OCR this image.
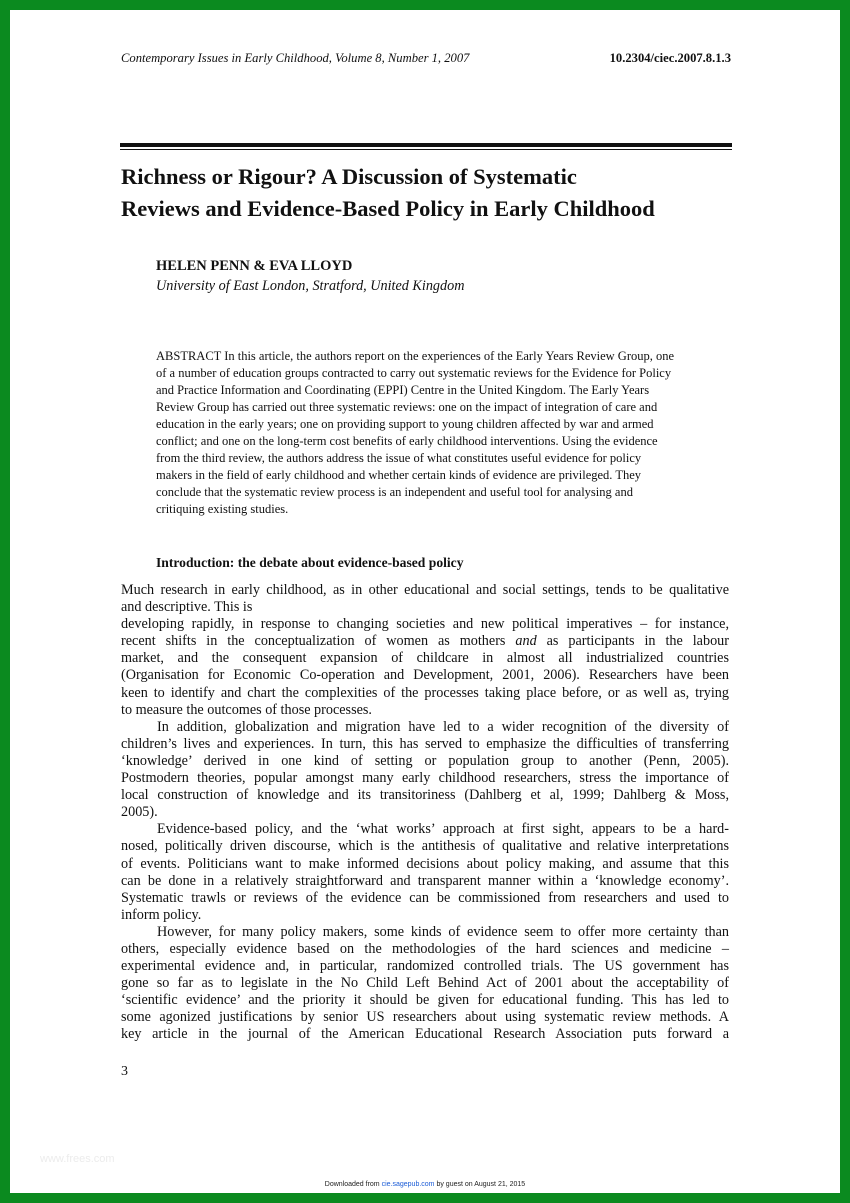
Contemporary Issues in Early Childhood, Volume 8, Number 1, 2007	10.2304/ciec.2007.8.1.3
Richness or Rigour? A Discussion of Systematic
Reviews and Evidence-Based Policy in Early Childhood
HELEN PENN & EVA LLOYD
University of East London, Stratford, United Kingdom
ABSTRACT In this article, the authors report on the experiences of the Early Years Review Group, one
of a number of education groups contracted to carry out systematic reviews for the Evidence for Policy
and Practice Information and Coordinating (EPPI) Centre in the United Kingdom. The Early Years
Review Group has carried out three systematic reviews: one on the impact of integration of care and
education in the early years; one on providing support to young children affected by war and armed
conflict; and one on the long-term cost benefits of early childhood interventions. Using the evidence
from the third review, the authors address the issue of what constitutes useful evidence for policy
makers in the field of early childhood and whether certain kinds of evidence are privileged. They
conclude that the systematic review process is an independent and useful tool for analysing and
critiquing existing studies.
Introduction: the debate about evidence-based policy
Much research in early childhood, as in other educational and social settings, tends to be qualitative
and descriptive. This is
developing rapidly, in response to changing societies and new political imperatives – for instance,
recent shifts in the conceptualization of women as mothers and as participants in the labour
market, and the consequent expansion of childcare in almost all industrialized countries
(Organisation for Economic Co-operation and Development, 2001, 2006). Researchers have been
keen to identify and chart the complexities of the processes taking place before, or as well as, trying
to measure the outcomes of those processes.
In addition, globalization and migration have led to a wider recognition of the diversity of
children’s lives and experiences. In turn, this has served to emphasize the difficulties of transferring
‘knowledge’ derived in one kind of setting or population group to another (Penn, 2005).
Postmodern theories, popular amongst many early childhood researchers, stress the importance of
local construction of knowledge and its transitoriness (Dahlberg et al, 1999; Dahlberg & Moss,
2005).
Evidence-based policy, and the ‘what works’ approach at first sight, appears to be a hard-
nosed, politically driven discourse, which is the antithesis of qualitative and relative interpretations
of events. Politicians want to make informed decisions about policy making, and assume that this
can be done in a relatively straightforward and transparent manner within a ‘knowledge economy’.
Systematic trawls or reviews of the evidence can be commissioned from researchers and used to
inform policy.
However, for many policy makers, some kinds of evidence seem to offer more certainty than
others, especially evidence based on the methodologies of the hard sciences and medicine –
experimental evidence and, in particular, randomized controlled trials. The US government has
gone so far as to legislate in the No Child Left Behind Act of 2001 about the acceptability of
‘scientific evidence’ and the priority it should be given for educational funding. This has led to
some agonized justifications by senior US researchers about using systematic review methods. A
key article in the journal of the American Educational Research Association puts forward a
3
www.frees.com
Downloaded from cie.sagepub.com by guest on August 21, 2015
